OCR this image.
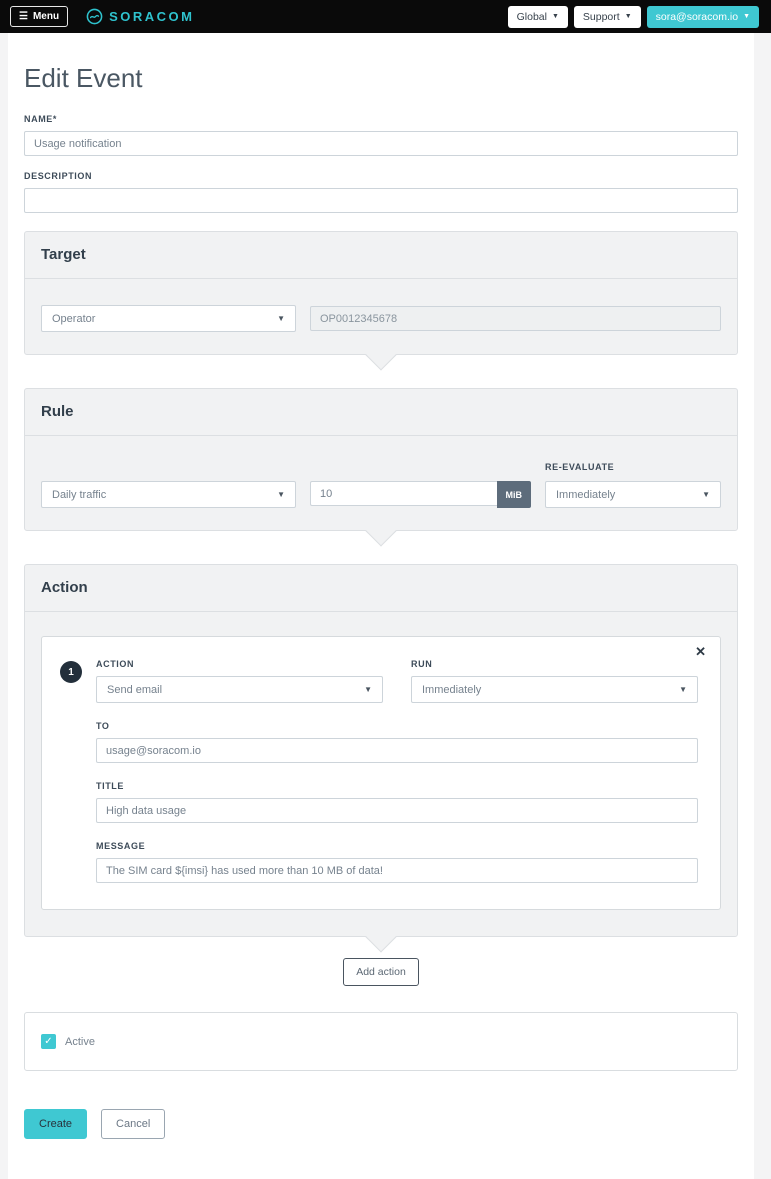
☰ Menu	SORACOM	Global ▼ Support ▼ sora@soracom.io ▼
Edit Event
NAME*
Usage notification
DESCRIPTION
Target
Operator	▼
OP0012345678
Rule
Daily traffic	▼
10	MiB
RE-EVALUATE
Immediately	▼
Action
✕
1
ACTION
Send email	▼
RUN
Immediately	▼
TO
usage@soracom.io
TITLE
High data usage
MESSAGE
The SIM card ${imsi} has used more than 10 MB of data!
Add action
✓ Active
Create	Cancel
